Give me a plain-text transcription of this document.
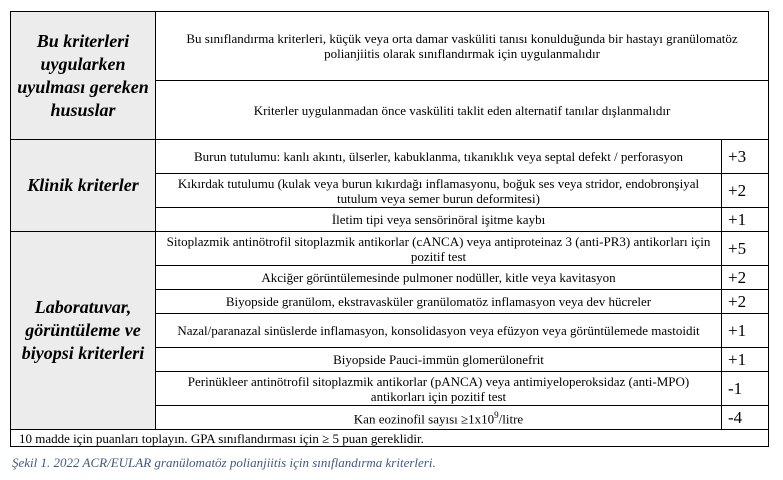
Bu kriterleri uygularken uyulması gereken hususlar	Bu sınıflandırma kriterleri, küçük veya orta damar vasküliti tanısı konulduğunda bir hastayı granülomatöz polianjiitis olarak sınıflandırmak için uygulanmalıdır	
	Kriterler uygulanmadan önce vasküliti taklit eden alternatif tanılar dışlanmalıdır	
Klinik kriterler	Burun tutulumu: kanlı akıntı, ülserler, kabuklanma, tıkanıklık veya septal defekt / perforasyon	+3
	Kıkırdak tutulumu (kulak veya burun kıkırdağı inflamasyonu, boğuk ses veya stridor, endobronşiyal tutulum veya semer burun deformitesi)	+2
	İletim tipi veya sensörinöral işitme kaybı	+1
Laboratuvar, görüntüleme ve biyopsi kriterleri	Sitoplazmik antinötrofil sitoplazmik antikorlar (cANCA) veya antiproteinaz 3 (anti-PR3) antikorları için pozitif test	+5
	Akciğer görüntülemesinde pulmoner nodüller, kitle veya kavitasyon	+2
	Biyopside granülom, ekstravasküler granülomatöz inflamasyon veya dev hücreler	+2
	Nazal/paranazal sinüslerde inflamasyon, konsolidasyon veya efüzyon veya görüntülemede mastoidit	+1
	Biyopside Pauci-immün glomerülonefrit	+1
	Perinükleer antinötrofil sitoplazmik antikorlar (pANCA) veya antimiyeloperoksidaz (anti-MPO) antikorları için pozitif test	-1
	Kan eozinofil sayısı $\ge 1x10^9$/litre	-4
10 madde için puanları toplayın. GPA sınıflandırması için ≥ 5 puan gereklidir.		
Şekil 1. 2022 ACR/EULAR granülomatöz polianjiitis için sınıflandırma kriterleri.
